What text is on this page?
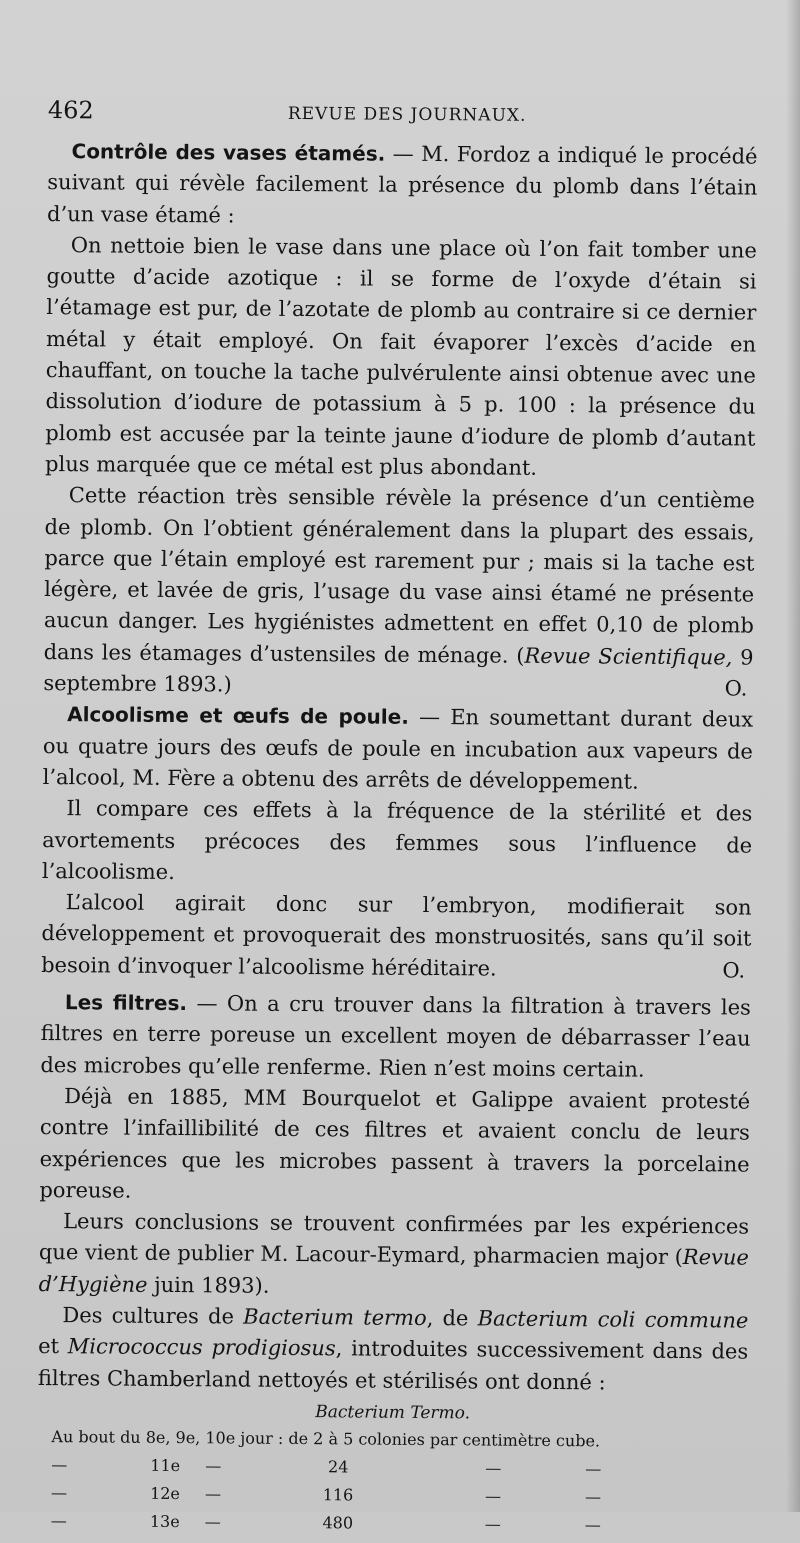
462	REVUE DES JOURNAUX.

Contrôle des vases étamés. — M. Fordoz a indiqué le procédé suivant qui révèle facilement la présence du plomb dans l’étain d’un vase étamé :

On nettoie bien le vase dans une place où l’on fait tomber une goutte d’acide azotique : il se forme de l’oxyde d’étain si l’étamage est pur, de l’azotate de plomb au contraire si ce dernier métal y était employé. On fait évaporer l’excès d’acide en chauffant, on touche la tache pulvérulente ainsi obtenue avec une dissolution d’iodure de potassium à 5 p. 100 : la présence du plomb est accusée par la teinte jaune d’iodure de plomb d’autant plus marquée que ce métal est plus abondant.

Cette réaction très sensible révèle la présence d’un centième de plomb. On l’obtient généralement dans la plupart des essais, parce que l’étain employé est rarement pur ; mais si la tache est légère, et lavée de gris, l’usage du vase ainsi étamé ne présente aucun danger. Les hygiénistes admettent en effet 0,10 de plomb dans les étamages d’ustensiles de ménage. (Revue Scientifique, 9 septembre 1893.)	O.

Alcoolisme et œufs de poule. — En soumettant durant deux ou quatre jours des œufs de poule en incubation aux vapeurs de l’alcool, M. Fère a obtenu des arrêts de développement.

Il compare ces effets à la fréquence de la stérilité et des avortements précoces des femmes sous l’influence de l’alcoolisme.

L’alcool agirait donc sur l’embryon, modifierait son développement et provoquerait des monstruosités, sans qu’il soit besoin d’invoquer l’alcoolisme héréditaire.	O.

Les filtres. — On a cru trouver dans la filtration à travers les filtres en terre poreuse un excellent moyen de débarrasser l’eau des microbes qu’elle renferme. Rien n’est moins certain.

Déjà en 1885, MM Bourquelot et Galippe avaient protesté contre l’infaillibilité de ces filtres et avaient conclu de leurs expériences que les microbes passent à travers la porcelaine poreuse.

Leurs conclusions se trouvent confirmées par les expériences que vient de publier M. Lacour-Eymard, pharmacien major (Revue d’Hygiène juin 1893).

Des cultures de Bacterium termo, de Bacterium coli commune et Micrococcus prodigiosus, introduites successivement dans des filtres Chamberland nettoyés et stérilisés ont donné :

Bacterium Termo.
Au bout du 8e, 9e, 10e jour : de 2 à 5 colonies par centimètre cube.					
—	11e	—	24	—	—
—	12e	—	116	—	—
—	13e	—	480	—	—
